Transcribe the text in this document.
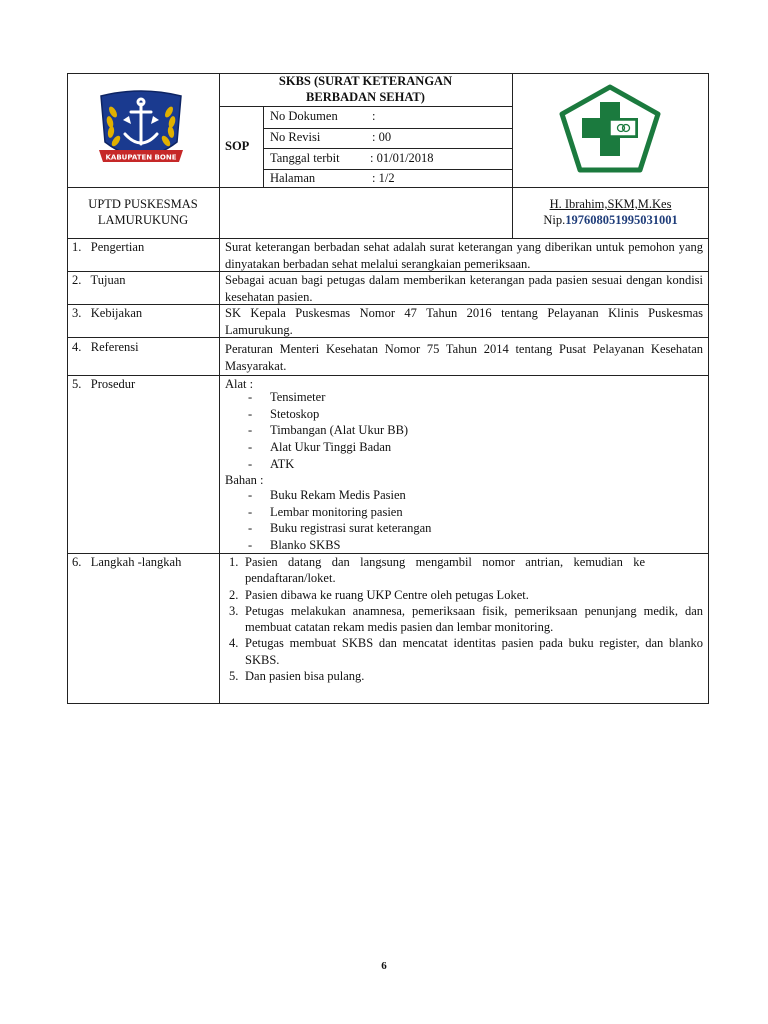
KABUPATEN BONE
SKBS (SURAT KETERANGAN
BERBADAN SEHAT)
SOP
No Dokumen	:
No Revisi	: 00
Tanggal terbit : 01/01/2018
Halaman	: 1/2
UPTD PUSKESMAS
LAMURUKUNG
H. Ibrahim,SKM,M.Kes
Nip.197608051995031001
1.   Pengertian	Surat keterangan berbadan sehat adalah surat keterangan yang diberikan untuk pemohon yang dinyatakan berbadan sehat melalui serangkaian pemeriksaan.
2.   Tujuan	Sebagai acuan bagi petugas dalam memberikan keterangan pada pasien sesuai dengan kondisi kesehatan pasien.
3.   Kebijakan	SK Kepala Puskesmas Nomor 47 Tahun 2016 tentang Pelayanan Klinis Puskesmas Lamurukung.
4.   Referensi	Peraturan Menteri Kesehatan Nomor 75 Tahun 2014 tentang Pusat Pelayanan Kesehatan Masyarakat.
5.   Prosedur	Alat :
- Tensimeter
- Stetoskop
- Timbangan (Alat Ukur BB)
- Alat Ukur Tinggi Badan
- ATK
Bahan :
- Buku Rekam Medis Pasien
- Lembar monitoring pasien
- Buku registrasi surat keterangan
- Blanko SKBS
6.   Langkah -langkah	1. Pasien datang dan langsung mengambil nomor antrian, kemudian ke pendaftaran/loket.
2. Pasien dibawa ke ruang UKP Centre oleh petugas Loket.
3. Petugas melakukan anamnesa, pemeriksaan fisik, pemeriksaan penunjang medik, dan membuat catatan rekam medis pasien dan lembar monitoring.
4. Petugas membuat SKBS dan mencatat identitas pasien pada buku register, dan blanko SKBS.
5. Dan pasien bisa pulang.
6
